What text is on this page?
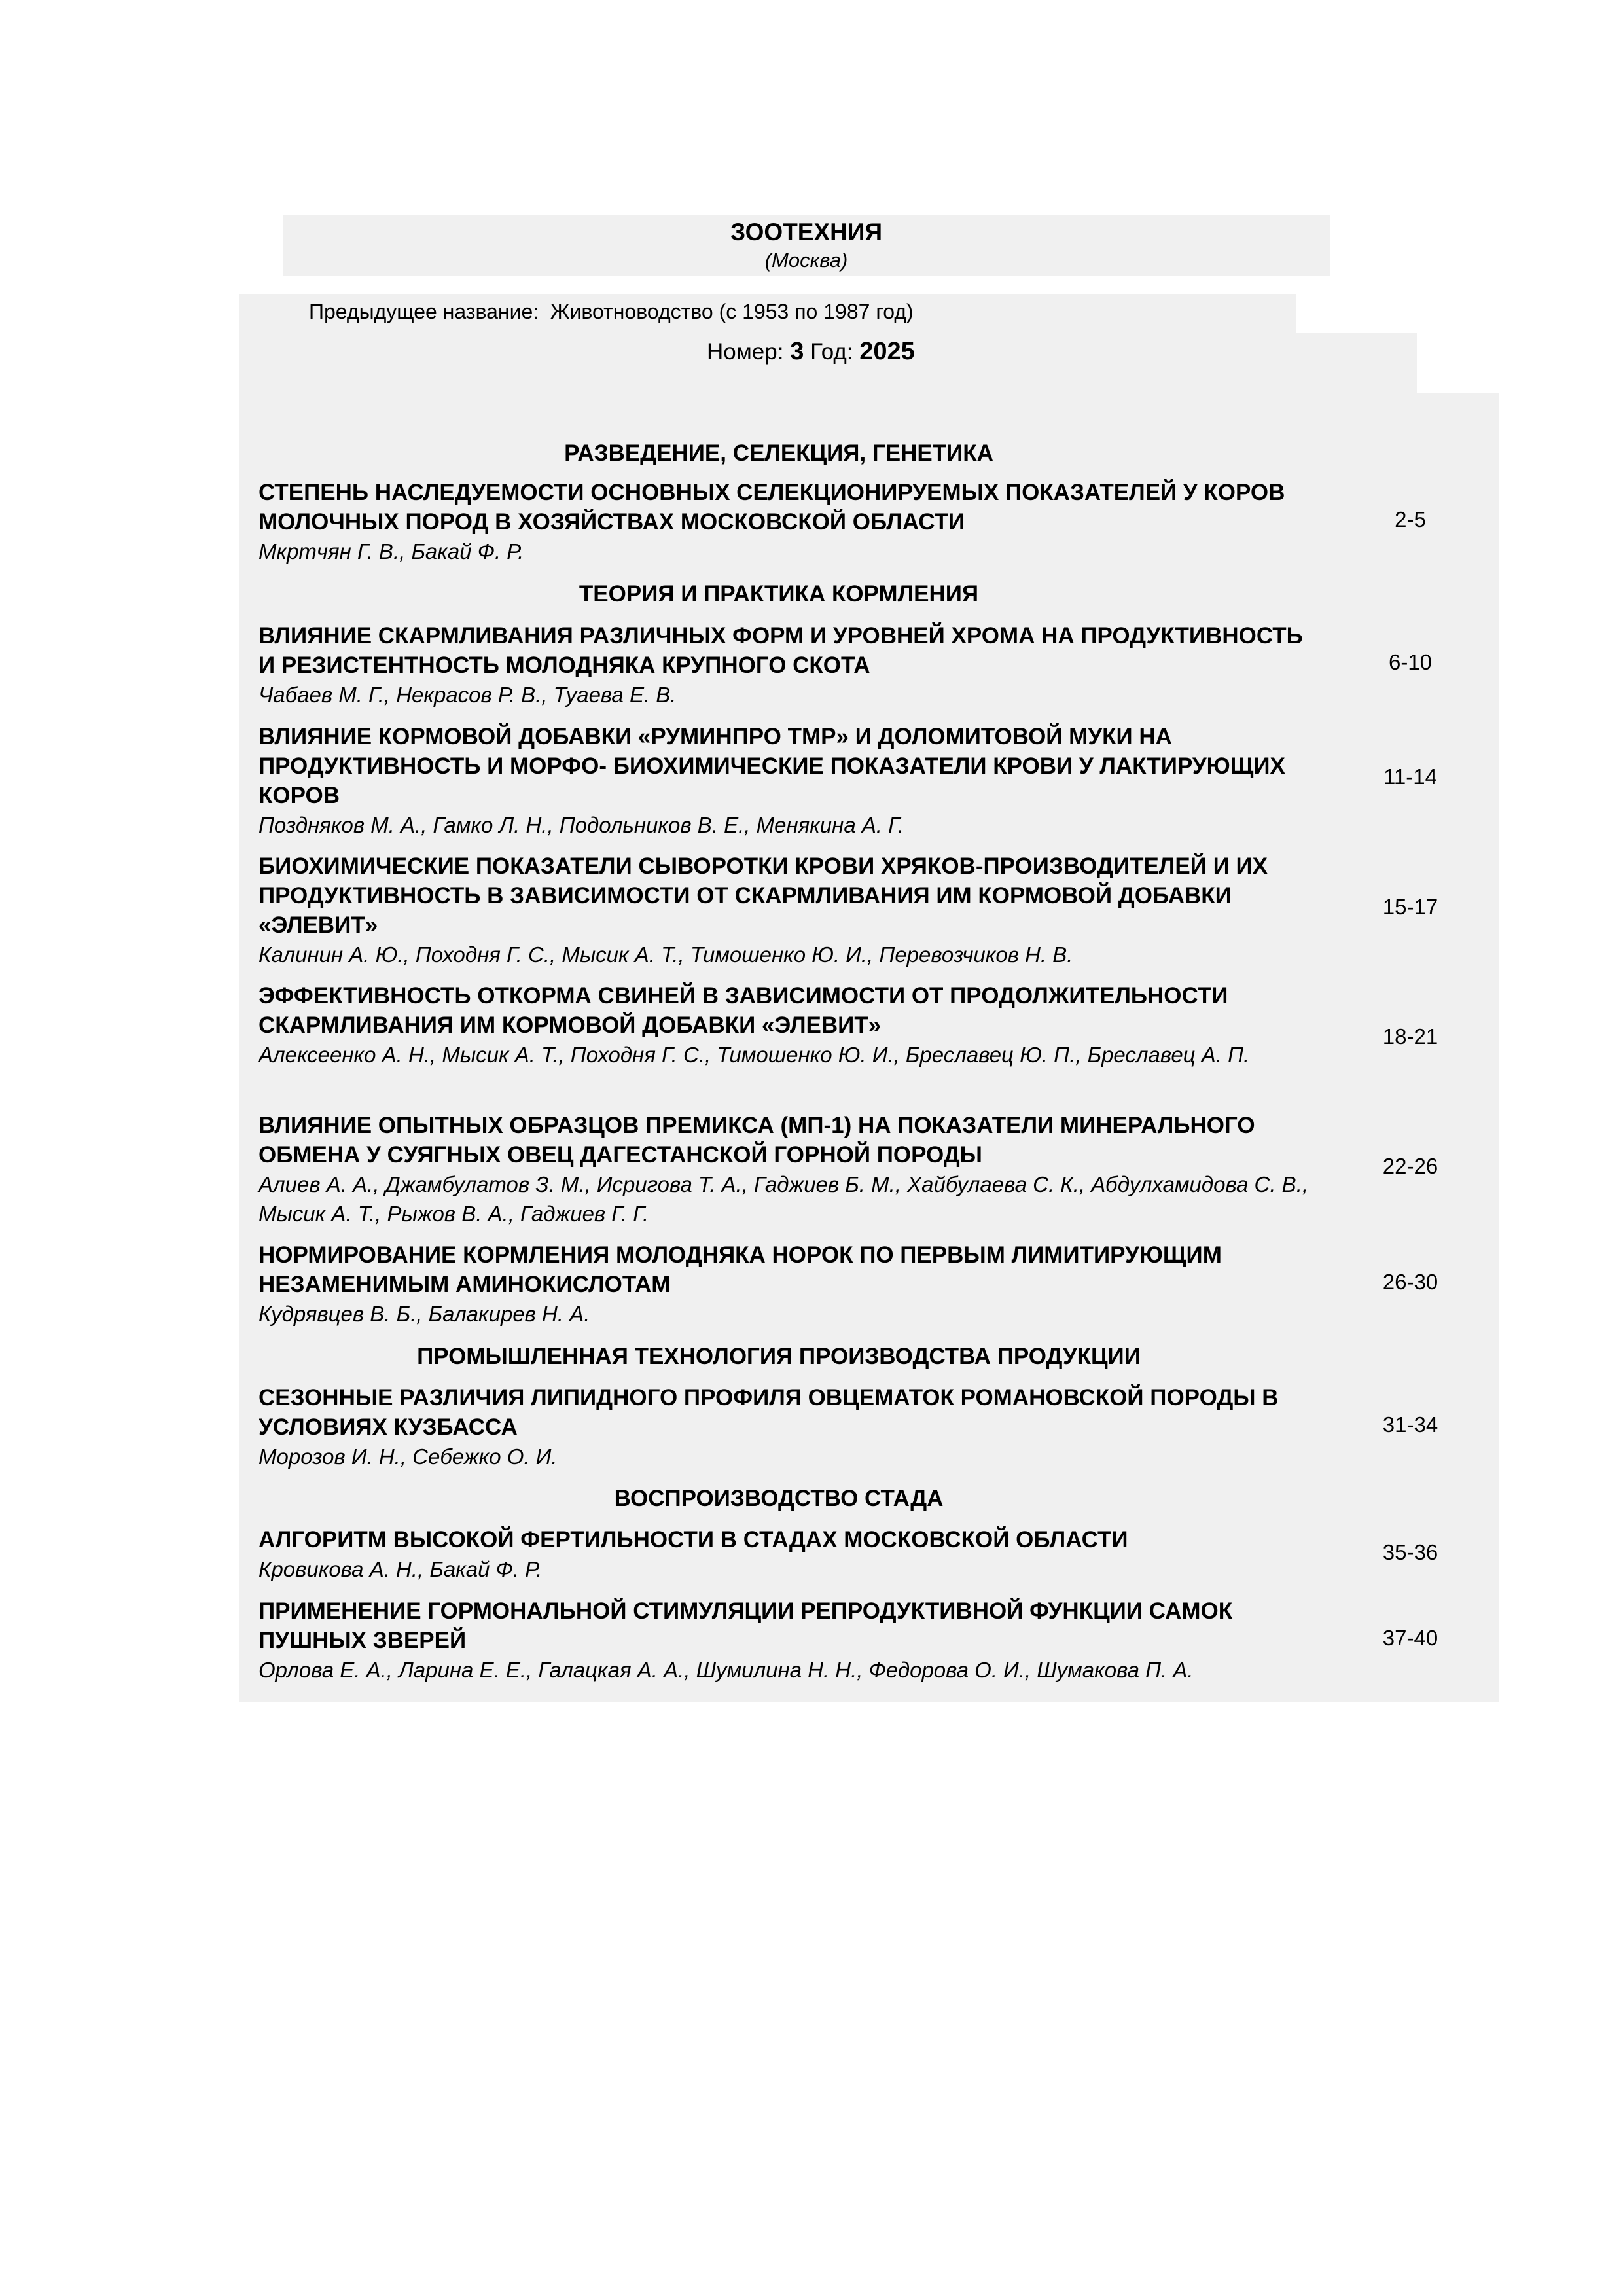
ЗООТЕХНИЯ
(Москва)
Предыдущее название: Животноводство (с 1953 по 1987 год)
Номер: 3 Год: 2025
РАЗВЕДЕНИЕ, СЕЛЕКЦИЯ, ГЕНЕТИКА
СТЕПЕНЬ НАСЛЕДУЕМОСТИ ОСНОВНЫХ СЕЛЕКЦИОНИРУЕМЫХ ПОКАЗАТЕЛЕЙ У КОРОВ МОЛОЧНЫХ ПОРОД В ХОЗЯЙСТВАХ МОСКОВСКОЙ ОБЛАСТИ
Мкртчян Г. В., Бакай Ф. Р.
2-5
ТЕОРИЯ И ПРАКТИКА КОРМЛЕНИЯ
ВЛИЯНИЕ СКАРМЛИВАНИЯ РАЗЛИЧНЫХ ФОРМ И УРОВНЕЙ ХРОМА НА ПРОДУКТИВНОСТЬ И РЕЗИСТЕНТНОСТЬ МОЛОДНЯКА КРУПНОГО СКОТА
Чабаев М. Г., Некрасов Р. В., Туаева Е. В.
6-10
ВЛИЯНИЕ КОРМОВОЙ ДОБАВКИ «РУМИНПРО ТМР» И ДОЛОМИТОВОЙ МУКИ НА ПРОДУКТИВНОСТЬ И МОРФО- БИОХИМИЧЕСКИЕ ПОКАЗАТЕЛИ КРОВИ У ЛАКТИРУЮЩИХ КОРОВ
Поздняков М. А., Гамко Л. Н., Подольников В. Е., Менякина А. Г.
11-14
БИОХИМИЧЕСКИЕ ПОКАЗАТЕЛИ СЫВОРОТКИ КРОВИ ХРЯКОВ-ПРОИЗВОДИТЕЛЕЙ И ИХ ПРОДУКТИВНОСТЬ В ЗАВИСИМОСТИ ОТ СКАРМЛИВАНИЯ ИМ КОРМОВОЙ ДОБАВКИ «ЭЛЕВИТ»
Калинин А. Ю., Походня Г. С., Мысик А. Т., Тимошенко Ю. И., Перевозчиков Н. В.
15-17
ЭФФЕКТИВНОСТЬ ОТКОРМА СВИНЕЙ В ЗАВИСИМОСТИ ОТ ПРОДОЛЖИТЕЛЬНОСТИ СКАРМЛИВАНИЯ ИМ КОРМОВОЙ ДОБАВКИ «ЭЛЕВИТ»
Алексеенко А. Н., Мысик А. Т., Походня Г. С., Тимошенко Ю. И., Бреславец Ю. П., Бреславец А. П.
18-21
ВЛИЯНИЕ ОПЫТНЫХ ОБРАЗЦОВ ПРЕМИКСА (МП-1) НА ПОКАЗАТЕЛИ МИНЕРАЛЬНОГО ОБМЕНА У СУЯГНЫХ ОВЕЦ ДАГЕСТАНСКОЙ ГОРНОЙ ПОРОДЫ
Алиев А. А., Джамбулатов З. М., Исригова Т. А., Гаджиев Б. М., Хайбулаева С. К., Абдулхамидова С. В., Мысик А. Т., Рыжов В. А., Гаджиев Г. Г.
22-26
НОРМИРОВАНИЕ КОРМЛЕНИЯ МОЛОДНЯКА НОРОК ПО ПЕРВЫМ ЛИМИТИРУЮЩИМ НЕЗАМЕНИМЫМ АМИНОКИСЛОТАМ
Кудрявцев В. Б., Балакирев Н. А.
26-30
ПРОМЫШЛЕННАЯ ТЕХНОЛОГИЯ ПРОИЗВОДСТВА ПРОДУКЦИИ
СЕЗОННЫЕ РАЗЛИЧИЯ ЛИПИДНОГО ПРОФИЛЯ ОВЦЕМАТОК РОМАНОВСКОЙ ПОРОДЫ В УСЛОВИЯХ КУЗБАССА
Морозов И. Н., Себежко О. И.
31-34
ВОСПРОИЗВОДСТВО СТАДА
АЛГОРИТМ ВЫСОКОЙ ФЕРТИЛЬНОСТИ В СТАДАХ МОСКОВСКОЙ ОБЛАСТИ
Кровикова А. Н., Бакай Ф. Р.
35-36
ПРИМЕНЕНИЕ ГОРМОНАЛЬНОЙ СТИМУЛЯЦИИ РЕПРОДУКТИВНОЙ ФУНКЦИИ САМОК ПУШНЫХ ЗВЕРЕЙ
Орлова Е. А., Ларина Е. Е., Галацкая А. А., Шумилина Н. Н., Федорова О. И., Шумакова П. А.
37-40
